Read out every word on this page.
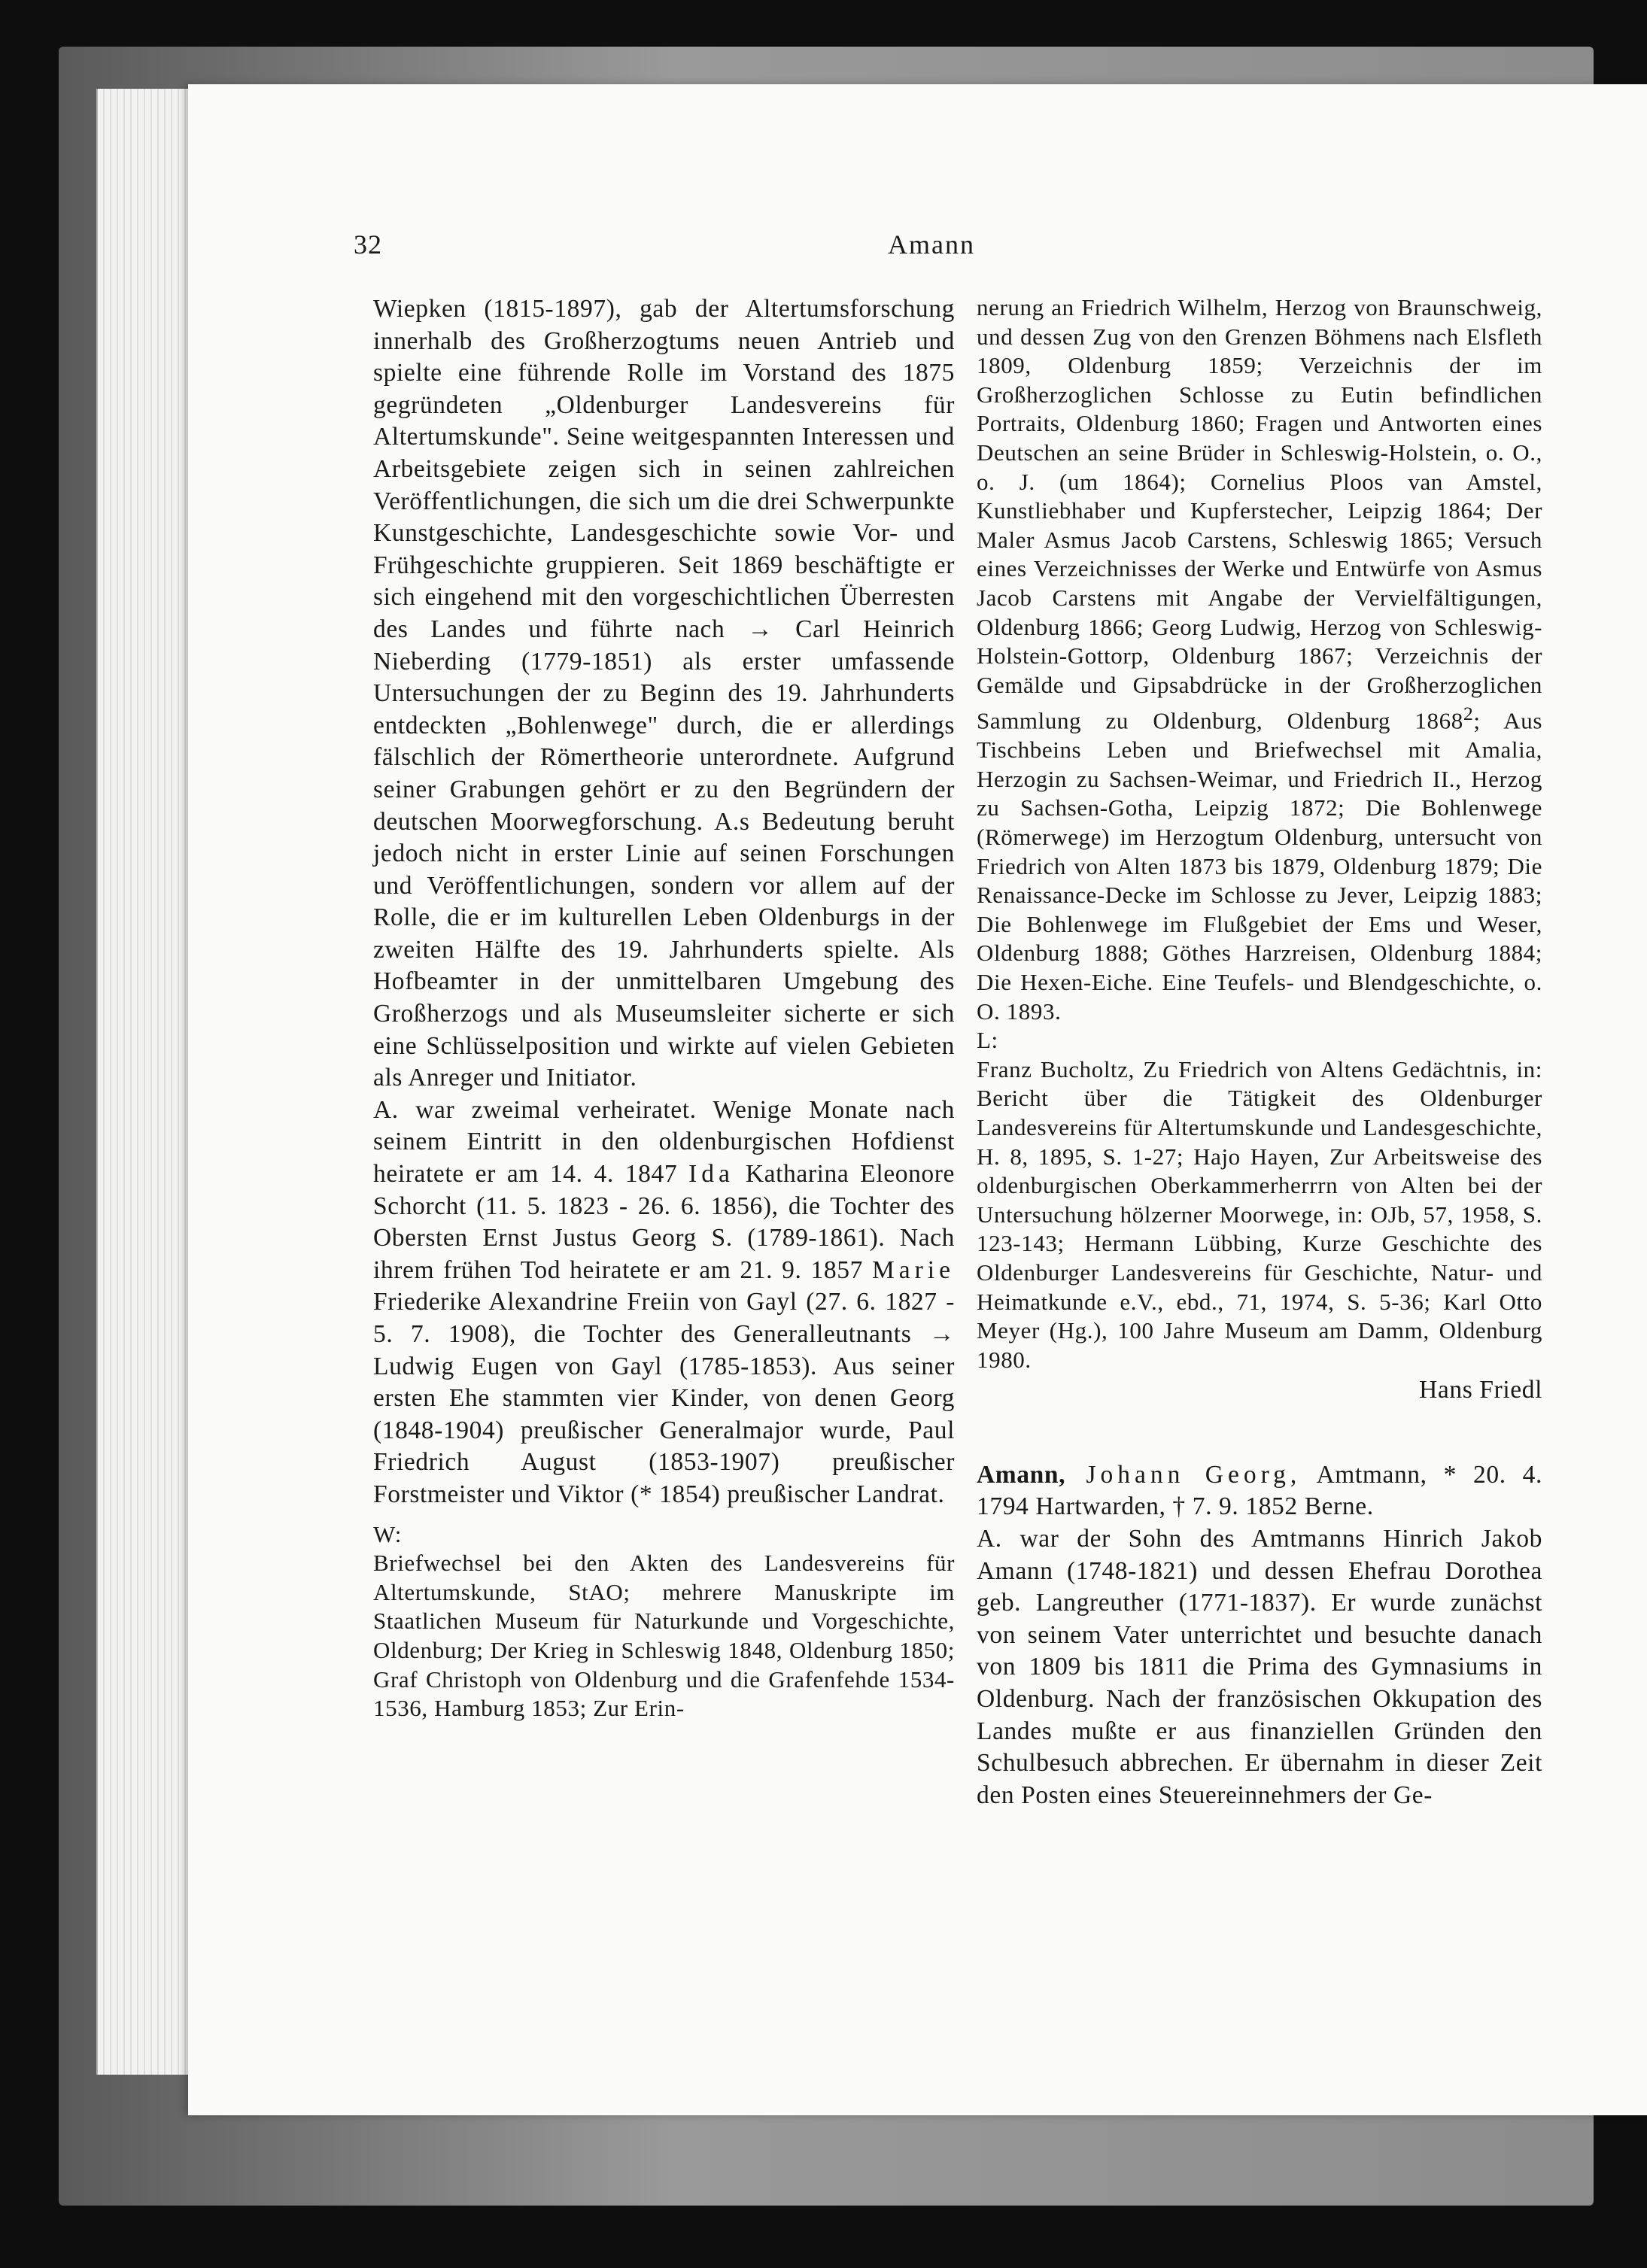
32	Amann

Wiepken (1815-1897), gab der Altertumsforschung innerhalb des Großherzogtums neuen Antrieb und spielte eine führende Rolle im Vorstand des 1875 gegründeten „Oldenburger Landesvereins für Altertumskunde". Seine weitgespannten Interessen und Arbeitsgebiete zeigen sich in seinen zahlreichen Veröffentlichungen, die sich um die drei Schwerpunkte Kunstgeschichte, Landesgeschichte sowie Vor- und Frühgeschichte gruppieren. Seit 1869 beschäftigte er sich eingehend mit den vorgeschichtlichen Überresten des Landes und führte nach → Carl Heinrich Nieberding (1779-1851) als erster umfassende Untersuchungen der zu Beginn des 19. Jahrhunderts entdeckten „Bohlenwege" durch, die er allerdings fälschlich der Römertheorie unterordnete. Aufgrund seiner Grabungen gehört er zu den Begründern der deutschen Moorwegforschung. A.s Bedeutung beruht jedoch nicht in erster Linie auf seinen Forschungen und Veröffentlichungen, sondern vor allem auf der Rolle, die er im kulturellen Leben Oldenburgs in der zweiten Hälfte des 19. Jahrhunderts spielte. Als Hofbeamter in der unmittelbaren Umgebung des Großherzogs und als Museumsleiter sicherte er sich eine Schlüsselposition und wirkte auf vielen Gebieten als Anreger und Initiator.

A. war zweimal verheiratet. Wenige Monate nach seinem Eintritt in den oldenburgischen Hofdienst heiratete er am 14. 4. 1847 Ida Katharina Eleonore Schorcht (11. 5. 1823 - 26. 6. 1856), die Tochter des Obersten Ernst Justus Georg S. (1789-1861). Nach ihrem frühen Tod heiratete er am 21. 9. 1857 Marie Friederike Alexandrine Freiin von Gayl (27. 6. 1827 - 5. 7. 1908), die Tochter des Generalleutnants → Ludwig Eugen von Gayl (1785-1853). Aus seiner ersten Ehe stammten vier Kinder, von denen Georg (1848-1904) preußischer Generalmajor wurde, Paul Friedrich August (1853-1907) preußischer Forstmeister und Viktor (* 1854) preußischer Landrat.

W:

Briefwechsel bei den Akten des Landesvereins für Altertumskunde, StAO; mehrere Manuskripte im Staatlichen Museum für Naturkunde und Vorgeschichte, Oldenburg; Der Krieg in Schleswig 1848, Oldenburg 1850; Graf Christoph von Oldenburg und die Grafenfehde 1534-1536, Hamburg 1853; Zur Erin-

nerung an Friedrich Wilhelm, Herzog von Braunschweig, und dessen Zug von den Grenzen Böhmens nach Elsfleth 1809, Oldenburg 1859; Verzeichnis der im Großherzoglichen Schlosse zu Eutin befindlichen Portraits, Oldenburg 1860; Fragen und Antworten eines Deutschen an seine Brüder in Schleswig-Holstein, o. O., o. J. (um 1864); Cornelius Ploos van Amstel, Kunstliebhaber und Kupferstecher, Leipzig 1864; Der Maler Asmus Jacob Carstens, Schleswig 1865; Versuch eines Verzeichnisses der Werke und Entwürfe von Asmus Jacob Carstens mit Angabe der Vervielfältigungen, Oldenburg 1866; Georg Ludwig, Herzog von Schleswig-Holstein-Gottorp, Oldenburg 1867; Verzeichnis der Gemälde und Gipsabdrücke in der Großherzoglichen Sammlung zu Oldenburg, Oldenburg 1868$^2$; Aus Tischbeins Leben und Briefwechsel mit Amalia, Herzogin zu Sachsen-Weimar, und Friedrich II., Herzog zu Sachsen-Gotha, Leipzig 1872; Die Bohlenwege (Römerwege) im Herzogtum Oldenburg, untersucht von Friedrich von Alten 1873 bis 1879, Oldenburg 1879; Die Renaissance-Decke im Schlosse zu Jever, Leipzig 1883; Die Bohlenwege im Flußgebiet der Ems und Weser, Oldenburg 1888; Göthes Harzreisen, Oldenburg 1884; Die Hexen-Eiche. Eine Teufels- und Blendgeschichte, o. O. 1893.

L:

Franz Bucholtz, Zu Friedrich von Altens Gedächtnis, in: Bericht über die Tätigkeit des Oldenburger Landesvereins für Altertumskunde und Landesgeschichte, H. 8, 1895, S. 1-27; Hajo Hayen, Zur Arbeitsweise des oldenburgischen Oberkammerherrrn von Alten bei der Untersuchung hölzerner Moorwege, in: OJb, 57, 1958, S. 123-143; Hermann Lübbing, Kurze Geschichte des Oldenburger Landesvereins für Geschichte, Natur- und Heimatkunde e.V., ebd., 71, 1974, S. 5-36; Karl Otto Meyer (Hg.), 100 Jahre Museum am Damm, Oldenburg 1980.

Hans Friedl

Amann, Johann Georg, Amtmann, * 20. 4. 1794 Hartwarden, † 7. 9. 1852 Berne.

A. war der Sohn des Amtmanns Hinrich Jakob Amann (1748-1821) und dessen Ehefrau Dorothea geb. Langreuther (1771-1837). Er wurde zunächst von seinem Vater unterrichtet und besuchte danach von 1809 bis 1811 die Prima des Gymnasiums in Oldenburg. Nach der französischen Okkupation des Landes mußte er aus finanziellen Gründen den Schulbesuch abbrechen. Er übernahm in dieser Zeit den Posten eines Steuereinnehmers der Ge-
